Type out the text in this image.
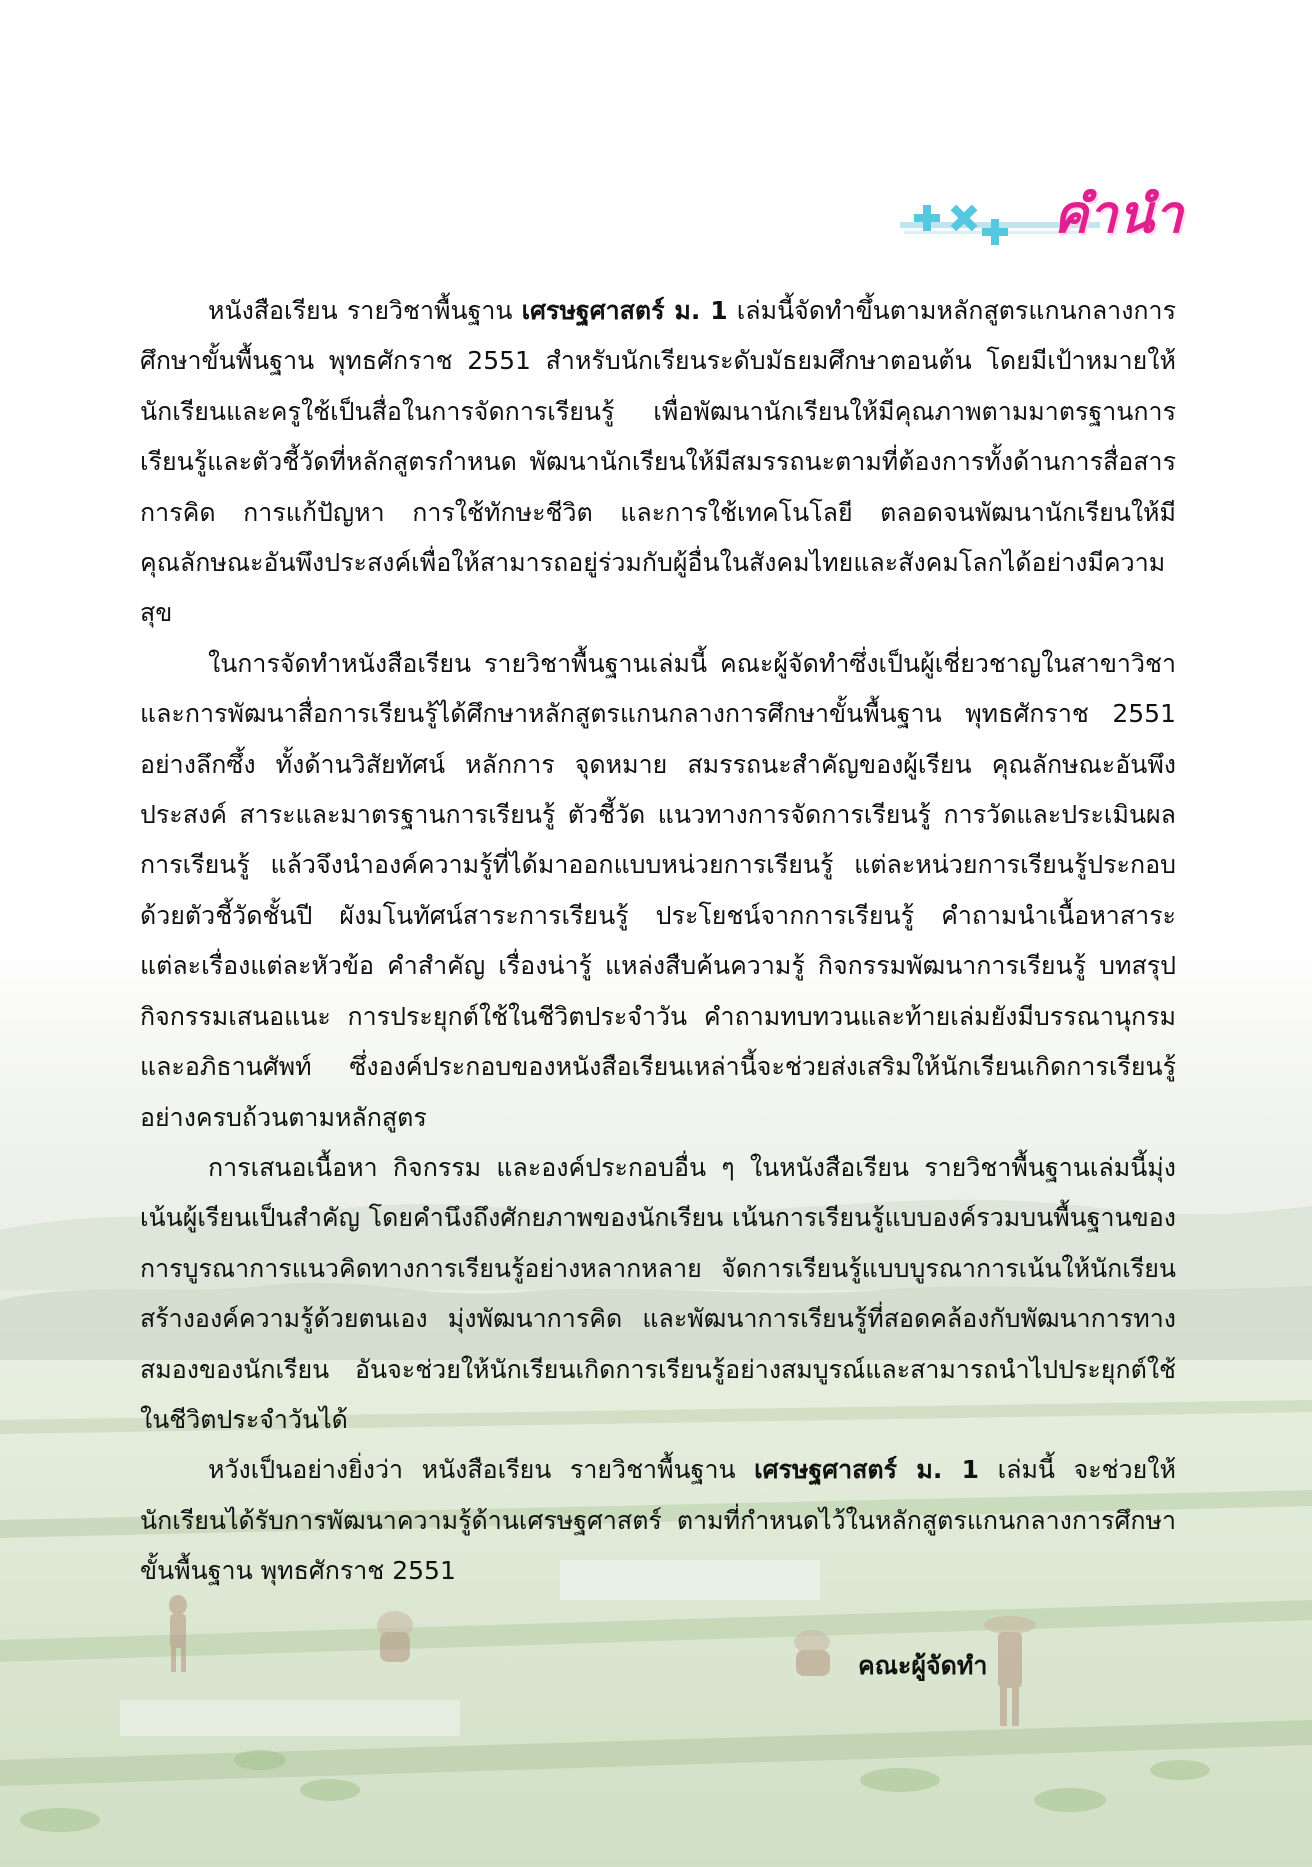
คำนำ

หนังสือเรียน รายวิชาพื้นฐาน เศรษฐศาสตร์ ม. 1 เล่มนี้จัดทำขึ้นตามหลักสูตรแกนกลางการศึกษาขั้นพื้นฐาน พุทธศักราช 2551 สำหรับนักเรียนระดับมัธยมศึกษาตอนต้น โดยมีเป้าหมายให้นักเรียนและครูใช้เป็นสื่อในการจัดการเรียนรู้ เพื่อพัฒนานักเรียนให้มีคุณภาพตามมาตรฐานการเรียนรู้และตัวชี้วัดที่หลักสูตรกำหนด พัฒนานักเรียนให้มีสมรรถนะตามที่ต้องการทั้งด้านการสื่อสาร การคิด การแก้ปัญหา การใช้ทักษะชีวิต และการใช้เทคโนโลยี ตลอดจนพัฒนานักเรียนให้มีคุณลักษณะอันพึงประสงค์เพื่อให้สามารถอยู่ร่วมกับผู้อื่นในสังคมไทยและสังคมโลกได้อย่างมีความสุข

ในการจัดทำหนังสือเรียน รายวิชาพื้นฐานเล่มนี้ คณะผู้จัดทำซึ่งเป็นผู้เชี่ยวชาญในสาขาวิชาและการพัฒนาสื่อการเรียนรู้ได้ศึกษาหลักสูตรแกนกลางการศึกษาขั้นพื้นฐาน พุทธศักราช 2551 อย่างลึกซึ้ง ทั้งด้านวิสัยทัศน์ หลักการ จุดหมาย สมรรถนะสำคัญของผู้เรียน คุณลักษณะอันพึงประสงค์ สาระและมาตรฐานการเรียนรู้ ตัวชี้วัด แนวทางการจัดการเรียนรู้ การวัดและประเมินผลการเรียนรู้ แล้วจึงนำองค์ความรู้ที่ได้มาออกแบบหน่วยการเรียนรู้ แต่ละหน่วยการเรียนรู้ประกอบด้วยตัวชี้วัดชั้นปี ผังมโนทัศน์สาระการเรียนรู้ ประโยชน์จากการเรียนรู้ คำถามนำเนื้อหาสาระแต่ละเรื่องแต่ละหัวข้อ คำสำคัญ เรื่องน่ารู้ แหล่งสืบค้นความรู้ กิจกรรมพัฒนาการเรียนรู้ บทสรุป กิจกรรมเสนอแนะ การประยุกต์ใช้ในชีวิตประจำวัน คำถามทบทวนและท้ายเล่มยังมีบรรณานุกรมและอภิธานศัพท์ ซึ่งองค์ประกอบของหนังสือเรียนเหล่านี้จะช่วยส่งเสริมให้นักเรียนเกิดการเรียนรู้อย่างครบถ้วนตามหลักสูตร

การเสนอเนื้อหา กิจกรรม และองค์ประกอบอื่น ๆ ในหนังสือเรียน รายวิชาพื้นฐานเล่มนี้มุ่งเน้นผู้เรียนเป็นสำคัญ โดยคำนึงถึงศักยภาพของนักเรียน เน้นการเรียนรู้แบบองค์รวมบนพื้นฐานของการบูรณาการแนวคิดทางการเรียนรู้อย่างหลากหลาย จัดการเรียนรู้แบบบูรณาการเน้นให้นักเรียนสร้างองค์ความรู้ด้วยตนเอง มุ่งพัฒนาการคิด และพัฒนาการเรียนรู้ที่สอดคล้องกับพัฒนาการทางสมองของนักเรียน อันจะช่วยให้นักเรียนเกิดการเรียนรู้อย่างสมบูรณ์และสามารถนำไปประยุกต์ใช้ในชีวิตประจำวันได้

หวังเป็นอย่างยิ่งว่า หนังสือเรียน รายวิชาพื้นฐาน เศรษฐศาสตร์ ม. 1 เล่มนี้ จะช่วยให้นักเรียนได้รับการพัฒนาความรู้ด้านเศรษฐศาสตร์ ตามที่กำหนดไว้ในหลักสูตรแกนกลางการศึกษาขั้นพื้นฐาน พุทธศักราช 2551

คณะผู้จัดทำ
